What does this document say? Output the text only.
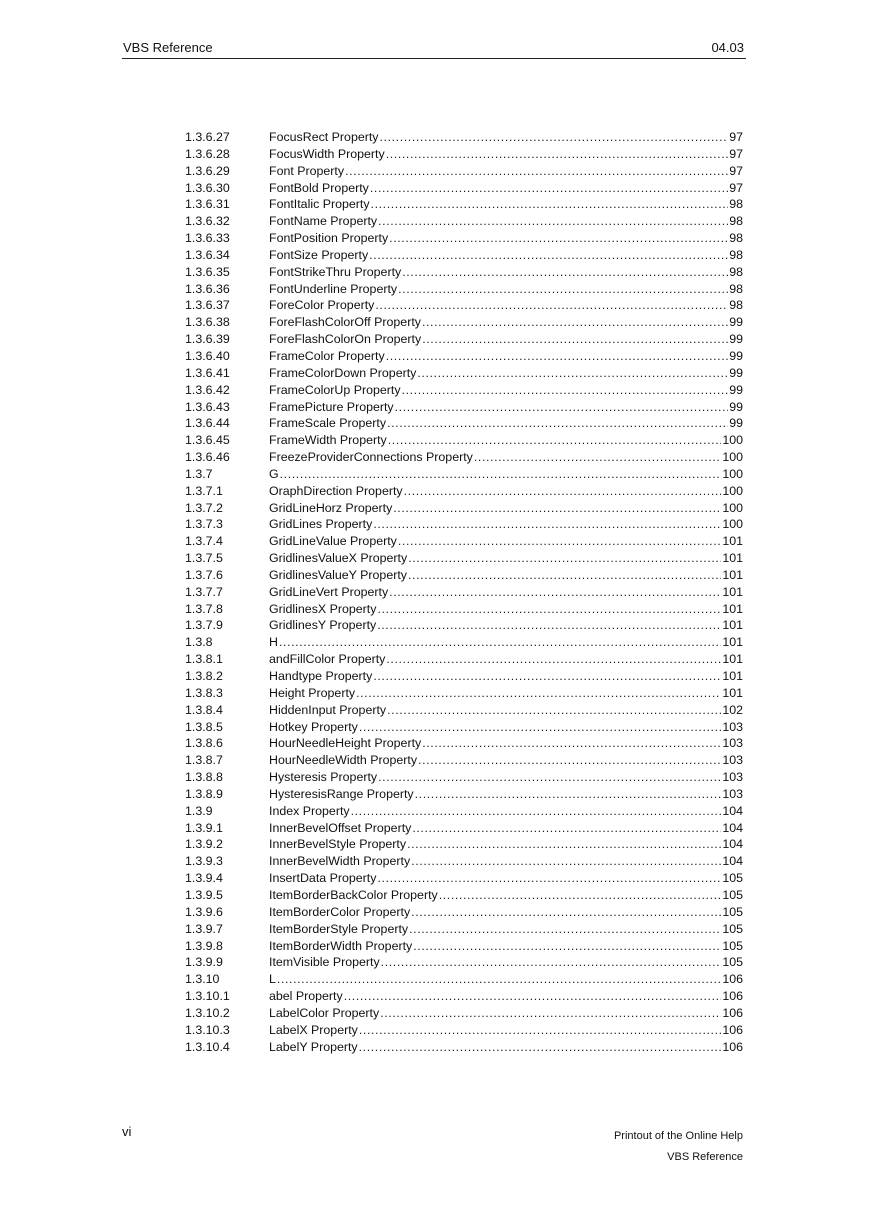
VBS Reference	04.03
1.3.6.27	FocusRect Property .....	97
1.3.6.28	FocusWidth Property .....	97
1.3.6.29	Font Property .....	97
1.3.6.30	FontBold Property .....	97
1.3.6.31	FontItalic Property .....	98
1.3.6.32	FontName Property .....	98
1.3.6.33	FontPosition Property .....	98
1.3.6.34	FontSize Property .....	98
1.3.6.35	FontStrikeThru Property .....	98
1.3.6.36	FontUnderline Property .....	98
1.3.6.37	ForeColor Property .....	98
1.3.6.38	ForeFlashColorOff Property .....	99
1.3.6.39	ForeFlashColorOn Property .....	99
1.3.6.40	FrameColor Property .....	99
1.3.6.41	FrameColorDown Property .....	99
1.3.6.42	FrameColorUp Property .....	99
1.3.6.43	FramePicture Property .....	99
1.3.6.44	FrameScale Property .....	99
1.3.6.45	FrameWidth Property .....	100
1.3.6.46	FreezeProviderConnections Property .....	100
1.3.7	G .....	100
1.3.7.1	OraphDirection Property .....	100
1.3.7.2	GridLineHorz Property .....	100
1.3.7.3	GridLines Property .....	100
1.3.7.4	GridLineValue Property .....	101
1.3.7.5	GridlinesValueX Property .....	101
1.3.7.6	GridlinesValueY Property .....	101
1.3.7.7	GridLineVert Property .....	101
1.3.7.8	GridlinesX Property .....	101
1.3.7.9	GridlinesY Property .....	101
1.3.8	H .....	101
1.3.8.1	andFillColor Property .....	101
1.3.8.2	Handtype Property .....	101
1.3.8.3	Height Property .....	101
1.3.8.4	HiddenInput Property .....	102
1.3.8.5	Hotkey Property .....	103
1.3.8.6	HourNeedleHeight Property .....	103
1.3.8.7	HourNeedleWidth Property .....	103
1.3.8.8	Hysteresis Property .....	103
1.3.8.9	HysteresisRange Property .....	103
1.3.9	Index Property .....	104
1.3.9.1	InnerBevelOffset Property .....	104
1.3.9.2	InnerBevelStyle Property .....	104
1.3.9.3	InnerBevelWidth Property .....	104
1.3.9.4	InsertData Property .....	105
1.3.9.5	ItemBorderBackColor Property .....	105
1.3.9.6	ItemBorderColor Property .....	105
1.3.9.7	ItemBorderStyle Property .....	105
1.3.9.8	ItemBorderWidth Property .....	105
1.3.9.9	ItemVisible Property .....	105
1.3.10	L .....	106
1.3.10.1	abel Property .....	106
1.3.10.2	LabelColor Property .....	106
1.3.10.3	LabelX Property .....	106
1.3.10.4	LabelY Property .....	106
vi	Printout of the Online Help
VBS Reference
